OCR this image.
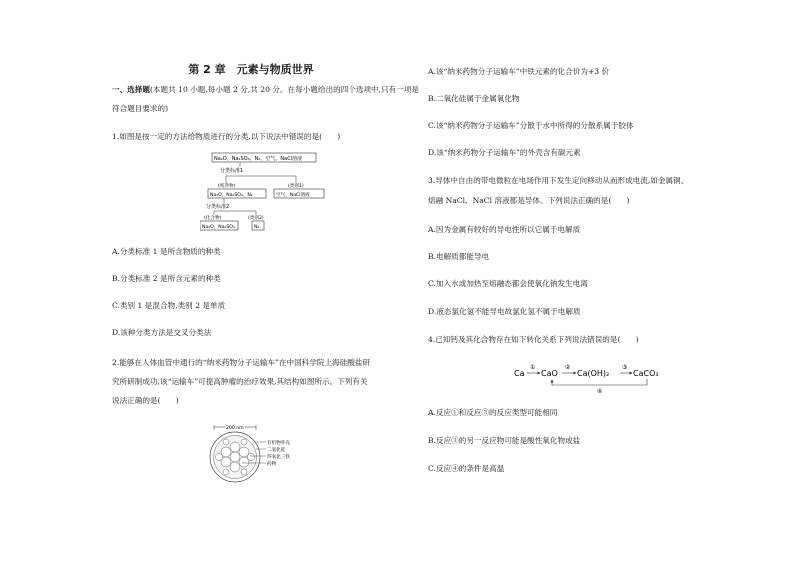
第 2 章　元素与物质世界
一、选择题(本题共 10 小题,每小题 2 分,共 20 分。在每小题给出的四个选项中,只有一项是
符合题目要求的)
1.如图是按一定的方法给物质进行的分类,以下说法中错误的是(　　)
Na₂O、Na₂SO₄、N₂、空气、NaCl溶液
分类标准1
(纯净物)	(类别1)
Na₂O、Na₂SO₄、N₂	空气、NaCl溶液
分类标准2
(化合物)	(类别2)
Na₂O、Na₂SO₄	N₂
A.分类标准 1 是所含物质的种类
B.分类标准 2 是所含元素的种类
C.类别 1 是混合物,类别 2 是单质
D.该种分类方法是交叉分类法
2.能够在人体血管中通行的“纳米药物分子运输车”在中国科学院上海硅酸盐研
究所研制成功,该“运输车”可提高肿瘤的治疗效果,其结构如图所示。下列有关
说法正确的是(　　)
200 nm
有机物外壳
二氧化硅
四氧化三铁
药物
A.该“纳米药物分子运输车”中铁元素的化合价为+3 价
B.二氧化硅属于金属氧化物
C.该“纳米药物分子运输车”分散于水中所得的分散系属于胶体
D.该“纳米药物分子运输车”的外壳含有碳元素
3.导体中自由的带电微粒在电场作用下发生定向移动从而形成电流,如金属铜、
熔融 NaCl、NaCl 溶液都是导体。下列说法正确的是(　　)
A.因为金属有较好的导电性所以它属于电解质
B.电解质都能导电
C.加入水或加热至熔融态都会使氧化钠发生电离
D.液态氯化氢不能导电故氯化氢不属于电解质
4.已知钙及其化合物存在如下转化关系下列说法错误的是(　　)
Ca
①
CaO
②
Ca(OH)₂
③
CaCO₃
④
A.反应①和反应③的反应类型可能相同
B.反应③的另一反应物可能是酸性氧化物或盐
C.反应④的条件是高温
